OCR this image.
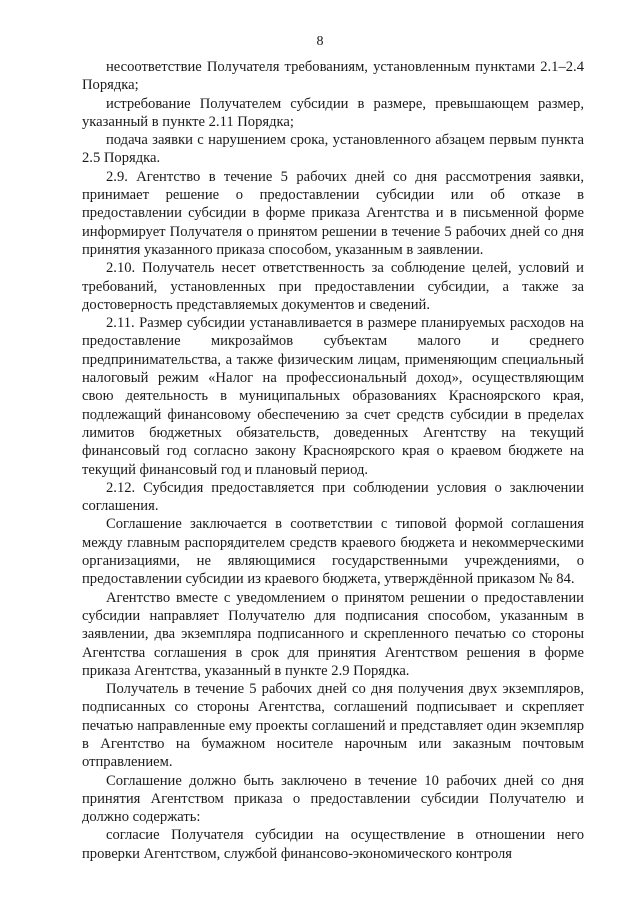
8

несоответствие Получателя требованиям, установленным пунктами 2.1–2.4 Порядка;

истребование Получателем субсидии в размере, превышающем размер, указанный в пункте 2.11 Порядка;

подача заявки с нарушением срока, установленного абзацем первым пункта 2.5 Порядка.

2.9. Агентство в течение 5 рабочих дней со дня рассмотрения заявки, принимает решение о предоставлении субсидии или об отказе в предоставлении субсидии в форме приказа Агентства и в письменной форме информирует Получателя о принятом решении в течение 5 рабочих дней со дня принятия указанного приказа способом, указанным в заявлении.

2.10. Получатель несет ответственность за соблюдение целей, условий и требований, установленных при предоставлении субсидии, а также за достоверность представляемых документов и сведений.

2.11. Размер субсидии устанавливается в размере планируемых расходов на предоставление микрозаймов субъектам малого и среднего предпринимательства, а также физическим лицам, применяющим специальный налоговый режим «Налог на профессиональный доход», осуществляющим свою деятельность в муниципальных образованиях Красноярского края, подлежащий финансовому обеспечению за счет средств субсидии в пределах лимитов бюджетных обязательств, доведенных Агентству на текущий финансовый год согласно закону Красноярского края о краевом бюджете на текущий финансовый год и плановый период.

2.12. Субсидия предоставляется при соблюдении условия о заключении соглашения.

Соглашение заключается в соответствии с типовой формой соглашения между главным распорядителем средств краевого бюджета и некоммерческими организациями, не являющимися государственными учреждениями, о предоставлении субсидии из краевого бюджета, утверждённой приказом № 84.

Агентство вместе с уведомлением о принятом решении о предоставлении субсидии направляет Получателю для подписания способом, указанным в заявлении, два экземпляра подписанного и скрепленного печатью со стороны Агентства соглашения в срок для принятия Агентством решения в форме приказа Агентства, указанный в пункте 2.9 Порядка.

Получатель в течение 5 рабочих дней со дня получения двух экземпляров, подписанных со стороны Агентства, соглашений подписывает и скрепляет печатью направленные ему проекты соглашений и представляет один экземпляр в Агентство на бумажном носителе нарочным или заказным почтовым отправлением.

Соглашение должно быть заключено в течение 10 рабочих дней со дня принятия Агентством приказа о предоставлении субсидии Получателю и должно содержать:

согласие Получателя субсидии на осуществление в отношении него проверки Агентством, службой финансово-экономического контроля
